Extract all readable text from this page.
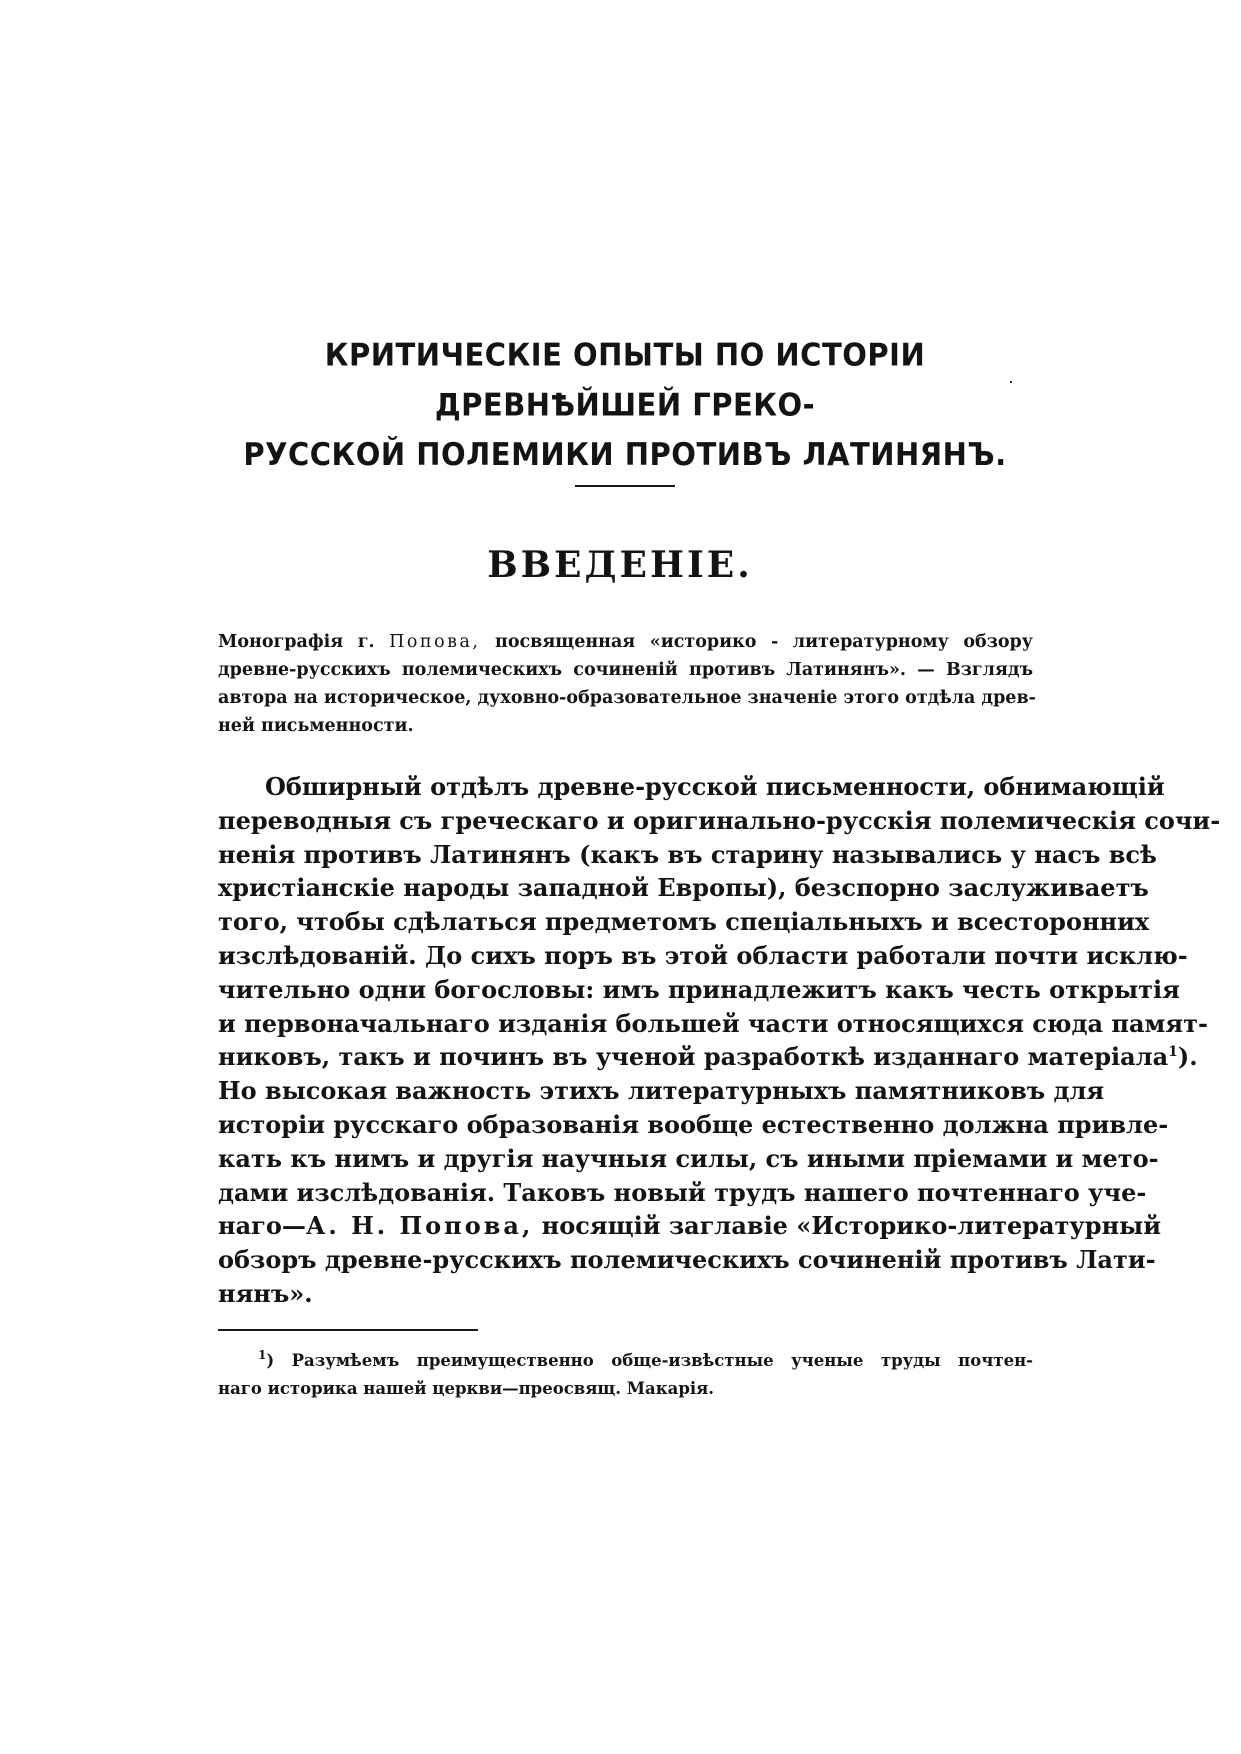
КРИТИЧЕСКІЕ ОПЫТЫ ПО ИСТОРІИ ДРЕВНѢЙШЕЙ ГРЕКО-
РУССКОЙ ПОЛЕМИКИ ПРОТИВЪ ЛАТИНЯНЪ.
ВВЕДЕНІЕ.
Монографія г. Попова, посвященная «историко - литературному обзору
древне-русскихъ полемическихъ сочиненій противъ Латинянъ». — Взглядъ
автора на историческое, духовно-образовательное значеніе этого отдѣла древ-
ней письменности.
Обширный отдѣлъ древне-русской письменности, обнимающій
переводныя съ греческаго и оригинально-русскія полемическія сочи-
ненія противъ Латинянъ (какъ въ старину назывались у насъ всѣ
христіанскіе народы западной Европы), безспорно заслуживаетъ
того, чтобы сдѣлаться предметомъ спеціальныхъ и всесторонних
изслѣдованій. До сихъ поръ въ этой области работали почти исклю-
чительно одни богословы: имъ принадлежитъ какъ честь открытія
и первоначальнаго изданія большей части относящихся сюда памят-
никовъ, такъ и починъ въ ученой разработкѣ изданнаго матеріала$^1$).
Но высокая важность этихъ литературныхъ памятниковъ для
исторіи русскаго образованія вообще естественно должна привле-
кать къ нимъ и другія научныя силы, съ иными пріемами и мето-
дами изслѣдованія. Таковъ новый трудъ нашего почтеннаго уче-
наго—А. Н. Попова, носящій заглавіе «Историко-литературный
обзоръ древне-русскихъ полемическихъ сочиненій противъ Лати-
нянъ».
$^1$) Разумѣемъ преимущественно обще-извѣстные ученые труды почтен-
наго историка нашей церкви—преосвящ. Макарія.
